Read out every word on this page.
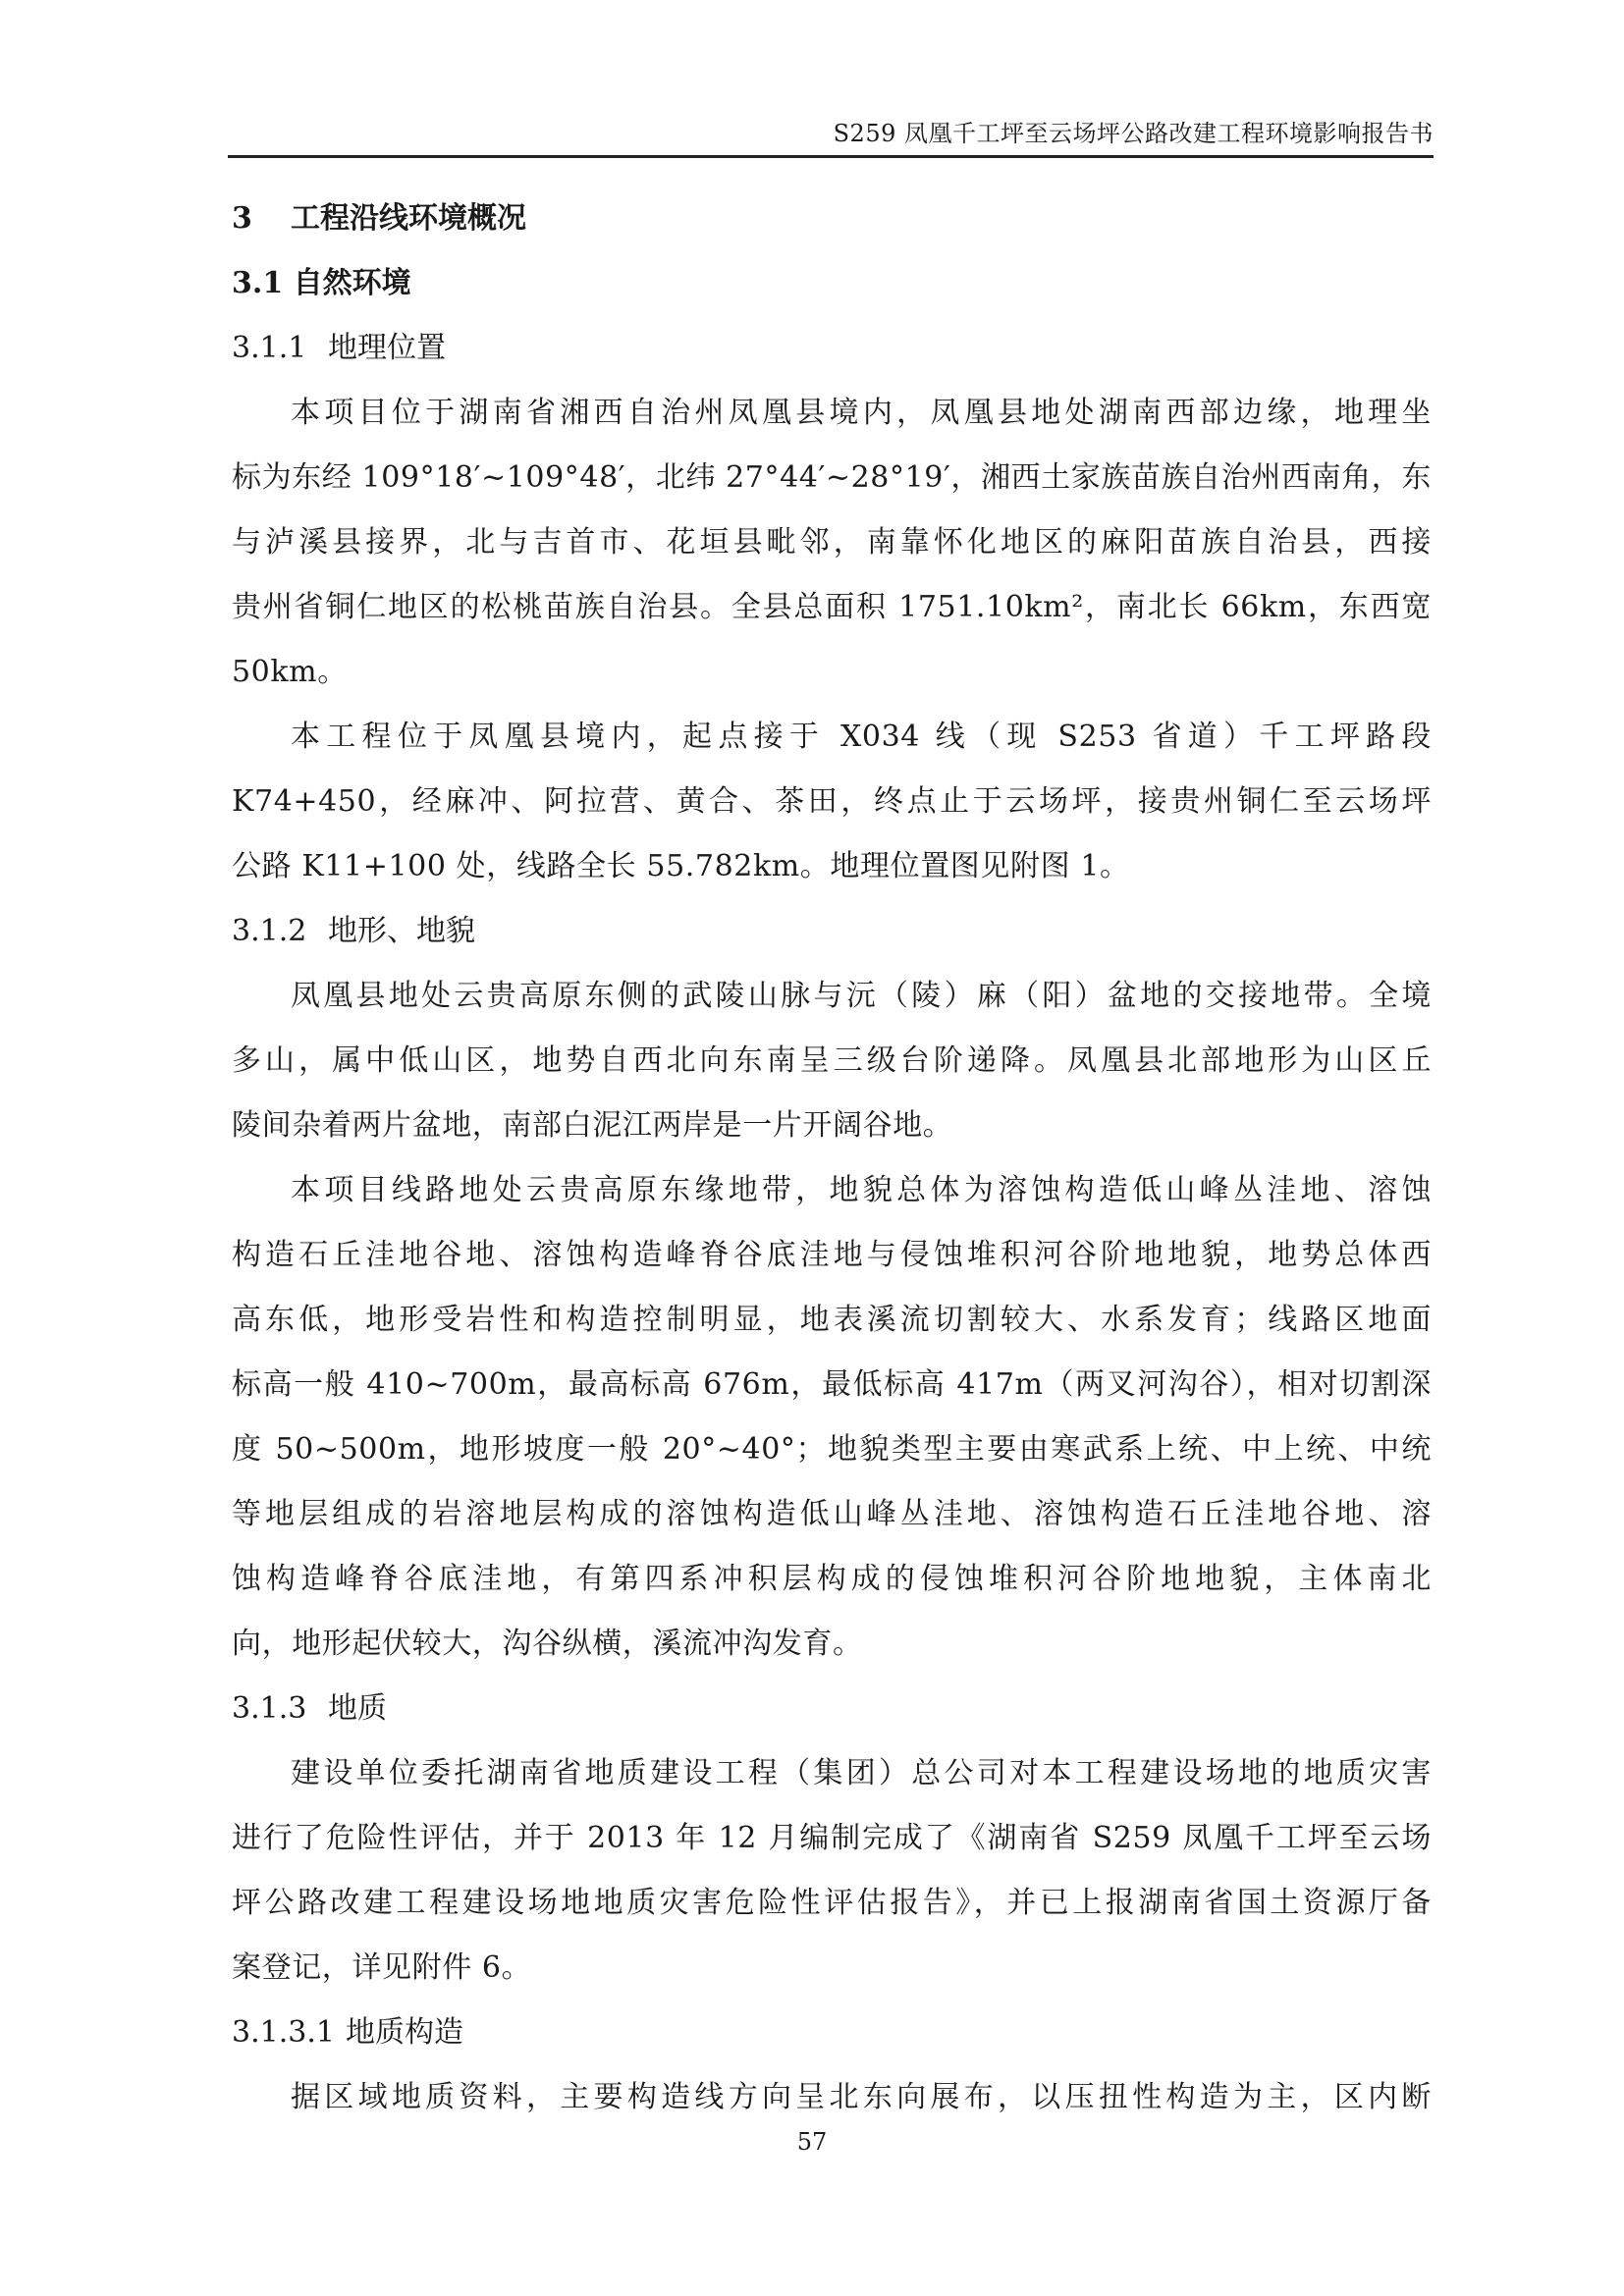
S259 凤凰千工坪至云场坪公路改建工程环境影响报告书
3 工程沿线环境概况
3.1 自然环境
3.1.1 地理位置
本项目位于湖南省湘西自治州凤凰县境内，凤凰县地处湖南西部边缘，地理坐
标为东经 109°18′~109°48′，北纬 27°44′~28°19′，湘西土家族苗族自治州西南角，东
与泸溪县接界，北与吉首市、花垣县毗邻，南靠怀化地区的麻阳苗族自治县，西接
贵州省铜仁地区的松桃苗族自治县。全县总面积 1751.10km²，南北长 66km，东西宽
50km。
本工程位于凤凰县境内，起点接于 X034 线（现 S253 省道）千工坪路段
K74+450，经麻冲、阿拉营、黄合、茶田，终点止于云场坪，接贵州铜仁至云场坪
公路 K11+100 处，线路全长 55.782km。地理位置图见附图 1。
3.1.2 地形、地貌
凤凰县地处云贵高原东侧的武陵山脉与沅（陵）麻（阳）盆地的交接地带。全境
多山，属中低山区，地势自西北向东南呈三级台阶递降。凤凰县北部地形为山区丘
陵间杂着两片盆地，南部白泥江两岸是一片开阔谷地。
本项目线路地处云贵高原东缘地带，地貌总体为溶蚀构造低山峰丛洼地、溶蚀
构造石丘洼地谷地、溶蚀构造峰脊谷底洼地与侵蚀堆积河谷阶地地貌，地势总体西
高东低，地形受岩性和构造控制明显，地表溪流切割较大、水系发育；线路区地面
标高一般 410~700m，最高标高 676m，最低标高 417m（两叉河沟谷），相对切割深
度 50~500m，地形坡度一般 20°~40°；地貌类型主要由寒武系上统、中上统、中统
等地层组成的岩溶地层构成的溶蚀构造低山峰丛洼地、溶蚀构造石丘洼地谷地、溶
蚀构造峰脊谷底洼地，有第四系冲积层构成的侵蚀堆积河谷阶地地貌，主体南北
向，地形起伏较大，沟谷纵横，溪流冲沟发育。
3.1.3 地质
建设单位委托湖南省地质建设工程（集团）总公司对本工程建设场地的地质灾害
进行了危险性评估，并于 2013 年 12 月编制完成了《湖南省 S259 凤凰千工坪至云场
坪公路改建工程建设场地地质灾害危险性评估报告》，并已上报湖南省国土资源厅备
案登记，详见附件 6。
3.1.3.1 地质构造
据区域地质资料，主要构造线方向呈北东向展布，以压扭性构造为主，区内断
57
